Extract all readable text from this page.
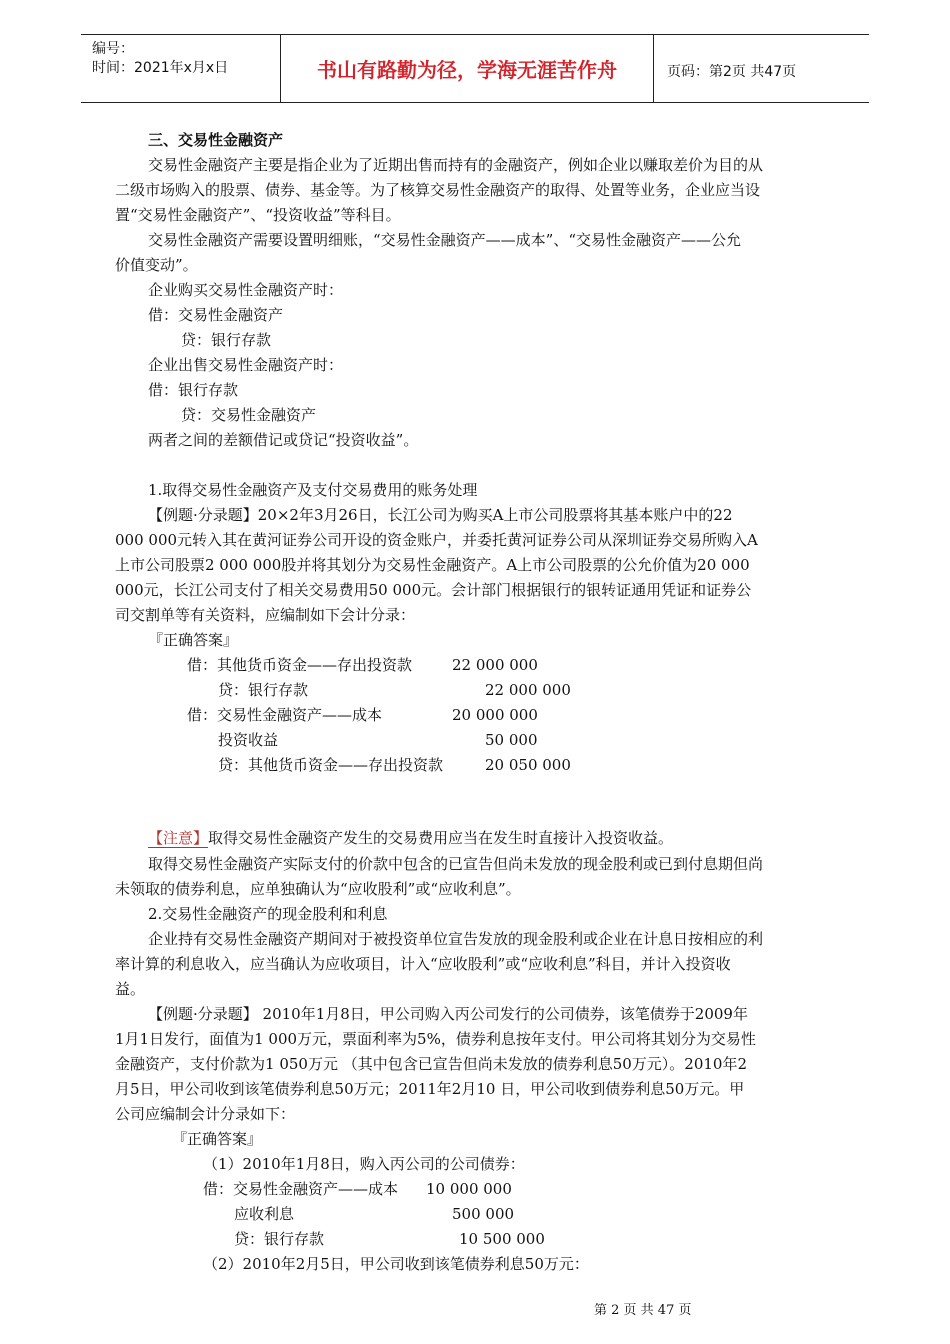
编号：
时间：2021年x月x日	书山有路勤为径，学海无涯苦作舟	页码：第2页 共47页
三、交易性金融资产
交易性金融资产主要是指企业为了近期出售而持有的金融资产，例如企业以赚取差价为目的从
二级市场购入的股票、债券、基金等。为了核算交易性金融资产的取得、处置等业务，企业应当设
置“交易性金融资产”、“投资收益”等科目。
交易性金融资产需要设置明细账，“交易性金融资产——成本”、“交易性金融资产——公允
价值变动”。
企业购买交易性金融资产时：
借：交易性金融资产
贷：银行存款
企业出售交易性金融资产时：
借：银行存款
贷：交易性金融资产
两者之间的差额借记或贷记“投资收益”。
1.取得交易性金融资产及支付交易费用的账务处理
【例题·分录题】20×2年3月26日，长江公司为购买A上市公司股票将其基本账户中的22
000 000元转入其在黄河证券公司开设的资金账户，并委托黄河证券公司从深圳证券交易所购入A
上市公司股票2 000 000股并将其划分为交易性金融资产。A上市公司股票的公允价值为20 000
000元，长江公司支付了相关交易费用50 000元。会计部门根据银行的银转证通用凭证和证券公
司交割单等有关资料，应编制如下会计分录：
『正确答案』
借：其他货币资金——存出投资款	22 000 000
贷：银行存款	22 000 000
借：交易性金融资产——成本	20 000 000
投资收益	50 000
贷：其他货币资金——存出投资款	20 050 000
【注意】取得交易性金融资产发生的交易费用应当在发生时直接计入投资收益。
取得交易性金融资产实际支付的价款中包含的已宣告但尚未发放的现金股利或已到付息期但尚
未领取的债券利息，应单独确认为“应收股利”或“应收利息”。
2.交易性金融资产的现金股利和利息
企业持有交易性金融资产期间对于被投资单位宣告发放的现金股利或企业在计息日按相应的利
率计算的利息收入，应当确认为应收项目，计入“应收股利”或“应收利息”科目，并计入投资收
益。
【例题·分录题】 2010年1月8日，甲公司购入丙公司发行的公司债券，该笔债券于2009年
1月1日发行，面值为1 000万元，票面利率为5%，债券利息按年支付。甲公司将其划分为交易性
金融资产，支付价款为1 050万元 （其中包含已宣告但尚未发放的债券利息50万元）。2010年2
月5日，甲公司收到该笔债券利息50万元；2011年2月10 日，甲公司收到债券利息50万元。甲
公司应编制会计分录如下：
『正确答案』
（1）2010年1月8日，购入丙公司的公司债券：
借：交易性金融资产——成本 10 000 000
应收利息	500 000
贷：银行存款	10 500 000
（2）2010年2月5日，甲公司收到该笔债券利息50万元：
第 2 页 共 47 页
